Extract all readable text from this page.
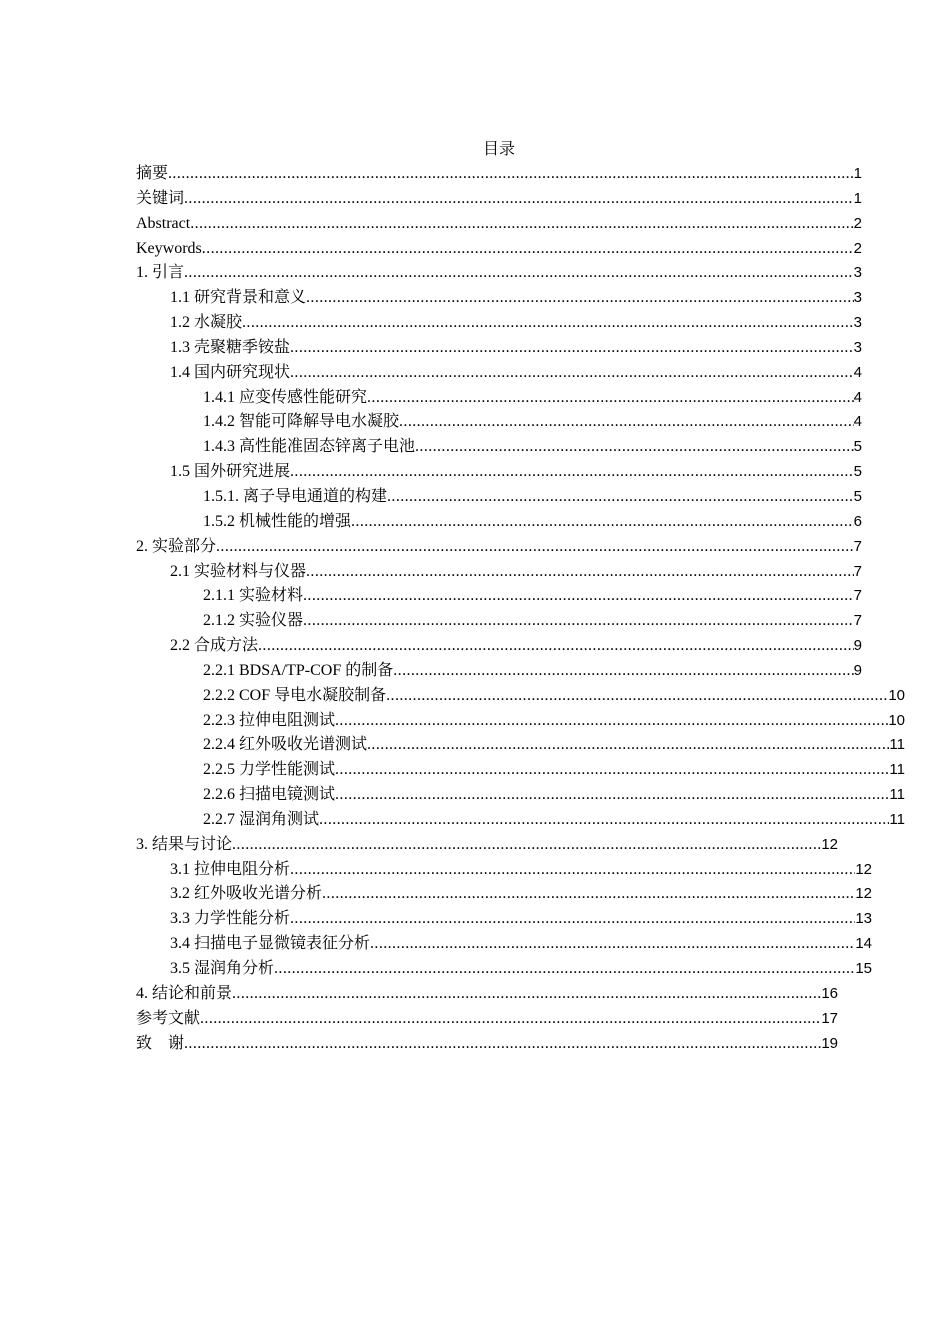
目录
摘要 .....	1
关键词 .....	1
Abstract .....	2
Keywords .....	2
1. 引言 .....	3
1.1 研究背景和意义 .....	3
1.2 水凝胶 .....	3
1.3 壳聚糖季铵盐 .....	3
1.4 国内研究现状 .....	4
1.4.1 应变传感性能研究 .....	4
1.4.2 智能可降解导电水凝胶 .....	4
1.4.3 高性能准固态锌离子电池 .....	5
1.5 国外研究进展 .....	5
1.5.1. 离子导电通道的构建 .....	5
1.5.2 机械性能的增强 .....	6
2. 实验部分 .....	7
2.1 实验材料与仪器 .....	7
2.1.1 实验材料 .....	7
2.1.2 实验仪器 .....	7
2.2 合成方法 .....	9
2.2.1 BDSA/TP-COF 的制备 .....	9
2.2.2 COF 导电水凝胶制备 .....	10
2.2.3 拉伸电阻测试 .....	10
2.2.4 红外吸收光谱测试 .....	11
2.2.5 力学性能测试 .....	11
2.2.6 扫描电镜测试 .....	11
2.2.7 湿润角测试 .....	11
3. 结果与讨论 .....	12
3.1 拉伸电阻分析 .....	12
3.2 红外吸收光谱分析 .....	12
3.3 力学性能分析 .....	13
3.4 扫描电子显微镜表征分析 .....	14
3.5 湿润角分析 .....	15
4. 结论和前景 .....	16
参考文献 .....	17
致　谢 .....	19
